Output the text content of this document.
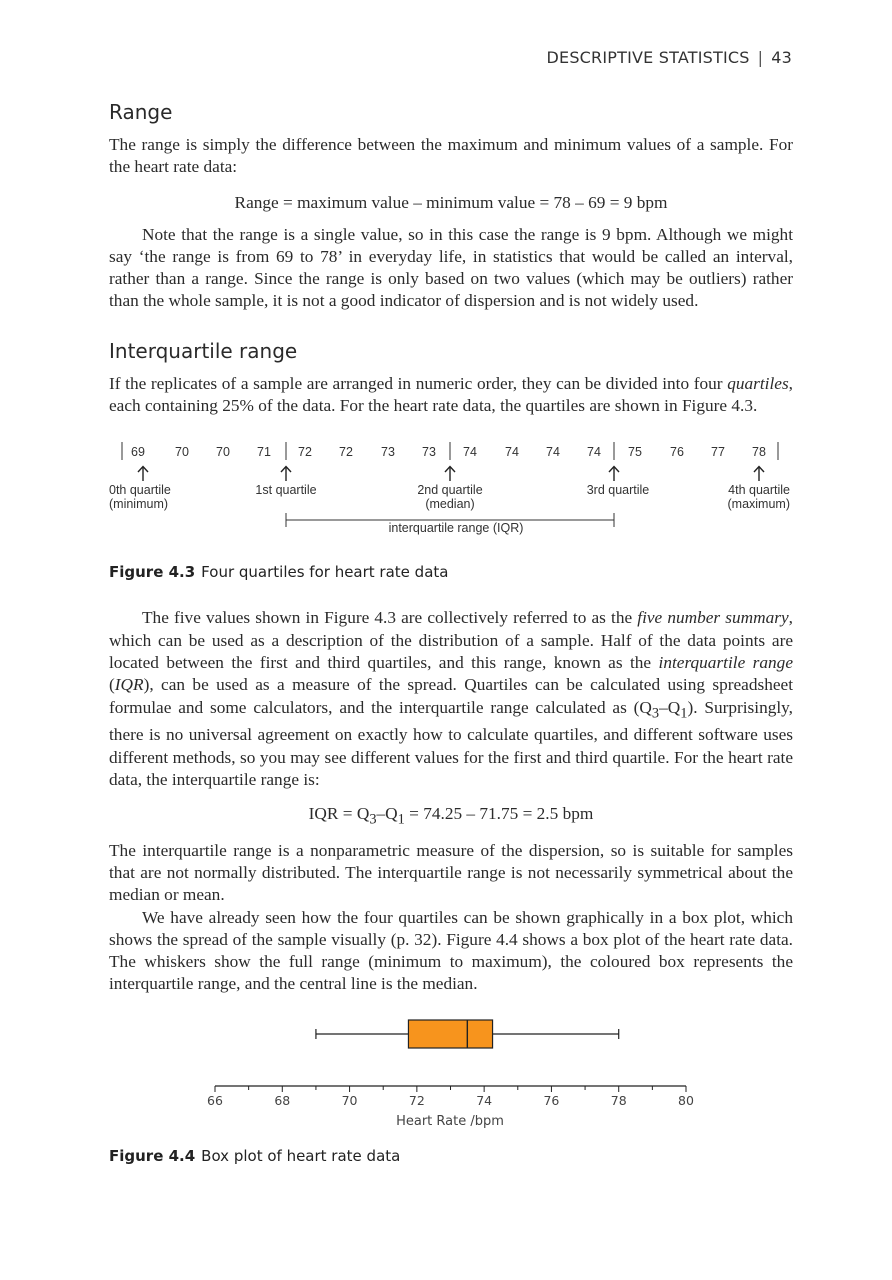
DESCRIPTIVE STATISTICS | 43
Range

The range is simply the difference between the maximum and minimum values of a sample. For the heart rate data:

Range = maximum value – minimum value = 78 – 69 = 9 bpm

Note that the range is a single value, so in this case the range is 9 bpm. Although we might say ‘the range is from 69 to 78’ in everyday life, in statistics that would be called an interval, rather than a range. Since the range is only based on two values (which may be outliers) rather than the whole sample, it is not a good indicator of dispersion and is not widely used.

Interquartile range

If the replicates of a sample are arranged in numeric order, they can be divided into four quartiles, each containing 25% of the data. For the heart rate data, the quartiles are shown in Figure 4.3.

69 70 70 71 72 72 73 73 74 74 74 74 75 76 77 78
0th quartile
(minimum)
1st quartile	2nd quartile
(median)
3rd quartile	4th quartile
(maximum)
interquartile range (IQR)
Figure 4.3 Four quartiles for heart rate data

The five values shown in Figure 4.3 are collectively referred to as the five number summary, which can be used as a description of the distribution of a sample. Half of the data points are located between the first and third quartiles, and this range, known as the interquartile range (IQR), can be used as a measure of the spread. Quartiles can be calculated using spreadsheet formulae and some calculators, and the interquartile range calculated as $(Q_3-Q_1)$. Surprisingly, there is no universal agreement on exactly how to calculate quartiles, and different software uses different methods, so you may see different values for the first and third quartile. For the heart rate data, the interquartile range is:

IQR = $Q_3-Q_1 = 74.25 - 71.75 = 2.5$ bpm

The interquartile range is a nonparametric measure of the dispersion, so is suitable for samples that are not normally distributed. The interquartile range is not necessarily symmetrical about the median or mean.

We have already seen how the four quartiles can be shown graphically in a box plot, which shows the spread of the sample visually (p. 32). Figure 4.4 shows a box plot of the heart rate data. The whiskers show the full range (minimum to maximum), the coloured box represents the interquartile range, and the central line is the median.

66	68	70	72	74	76	78	80
Heart Rate /bpm
Figure 4.4 Box plot of heart rate data
